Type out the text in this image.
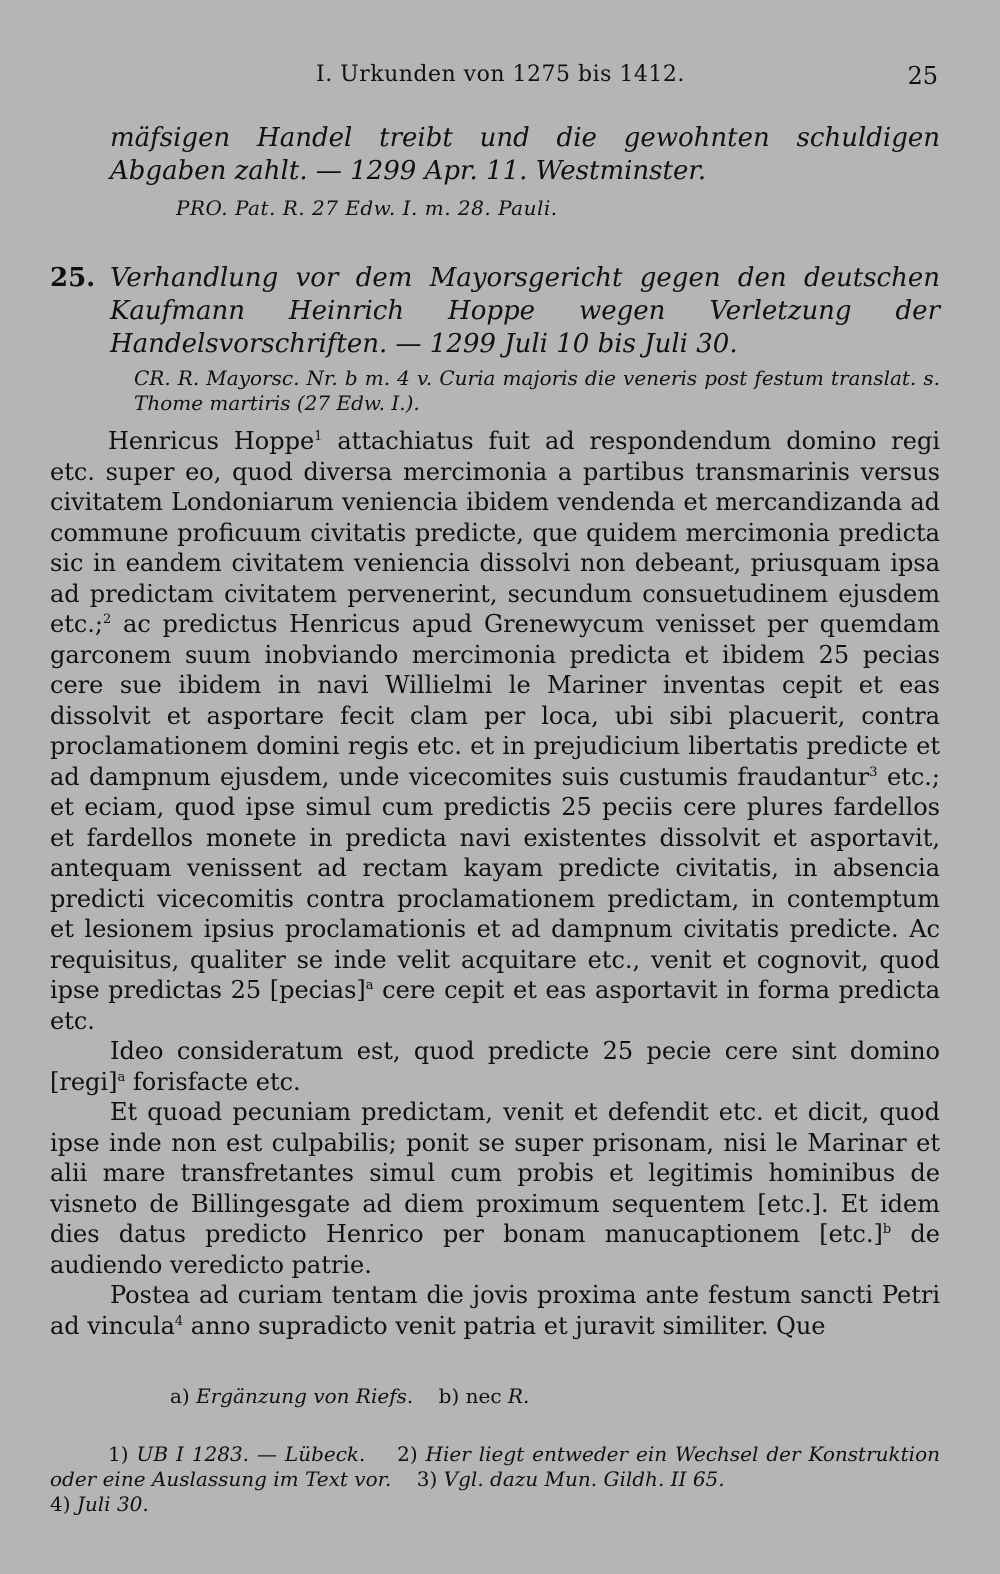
I. Urkunden von 1275 bis 1412.	25
mäfsigen Handel treibt und die gewohnten schuldigen Abgaben zahlt. — 1299 Apr. 11. Westminster.
PRO. Pat. R. 27 Edw. I. m. 28. Pauli.
25. Verhandlung vor dem Mayorsgericht gegen den deutschen Kaufmann Heinrich Hoppe wegen Verletzung der Handelsvorschriften. — 1299 Juli 10 bis Juli 30.
CR. R. Mayorsc. Nr. b m. 4 v. Curia majoris die veneris post festum translat. s. Thome martiris (27 Edw. I.).

Henricus Hoppe$^1$ attachiatus fuit ad respondendum domino regi etc. super eo, quod diversa mercimonia a partibus transmarinis versus civitatem Londoniarum veniencia ibidem vendenda et mercandizanda ad commune proficuum civitatis predicte, que quidem mercimonia predicta sic in eandem civitatem veniencia dissolvi non debeant, priusquam ipsa ad predictam civitatem pervenerint, secundum consuetudinem ejusdem etc.;$^2$ ac predictus Henricus apud Grenewycum venisset per quemdam garconem suum inobviando mercimonia predicta et ibidem 25 pecias cere sue ibidem in navi Willielmi le Mariner inventas cepit et eas dissolvit et asportare fecit clam per loca, ubi sibi placuerit, contra proclamationem domini regis etc. et in prejudicium libertatis predicte et ad dampnum ejusdem, unde vicecomites suis custumis fraudantur$^3$ etc.; et eciam, quod ipse simul cum predictis 25 peciis cere plures fardellos et fardellos monete in predicta navi existentes dissolvit et asportavit, antequam venissent ad rectam kayam predicte civitatis, in absencia predicti vicecomitis contra proclamationem predictam, in contemptum et lesionem ipsius proclamationis et ad dampnum civitatis predicte. Ac requisitus, qualiter se inde velit acquitare etc., venit et cognovit, quod ipse predictas 25 [pecias]$^a$ cere cepit et eas asportavit in forma predicta etc.

Ideo consideratum est, quod predicte 25 pecie cere sint domino [regi]$^a$ forisfacte etc.

Et quoad pecuniam predictam, venit et defendit etc. et dicit, quod ipse inde non est culpabilis; ponit se super prisonam, nisi le Marinar et alii mare transfretantes simul cum probis et legitimis hominibus de visneto de Billingesgate ad diem proximum sequentem [etc.]. Et idem dies datus predicto Henrico per bonam manucaptionem $[etc.]^b$ de audiendo veredicto patrie.

Postea ad curiam tentam die jovis proxima ante festum sancti Petri ad vincula$^4$ anno supradicto venit patria et juravit similiter. Que

a) Ergänzung von Riefs. b) nec R.
1) UB I 1283. — Lübeck. 2) Hier liegt entweder ein Wechsel der Konstruktion oder eine Auslassung im Text vor. 3) Vgl. dazu Mun. Gildh. II 65.
4) Juli 30.
